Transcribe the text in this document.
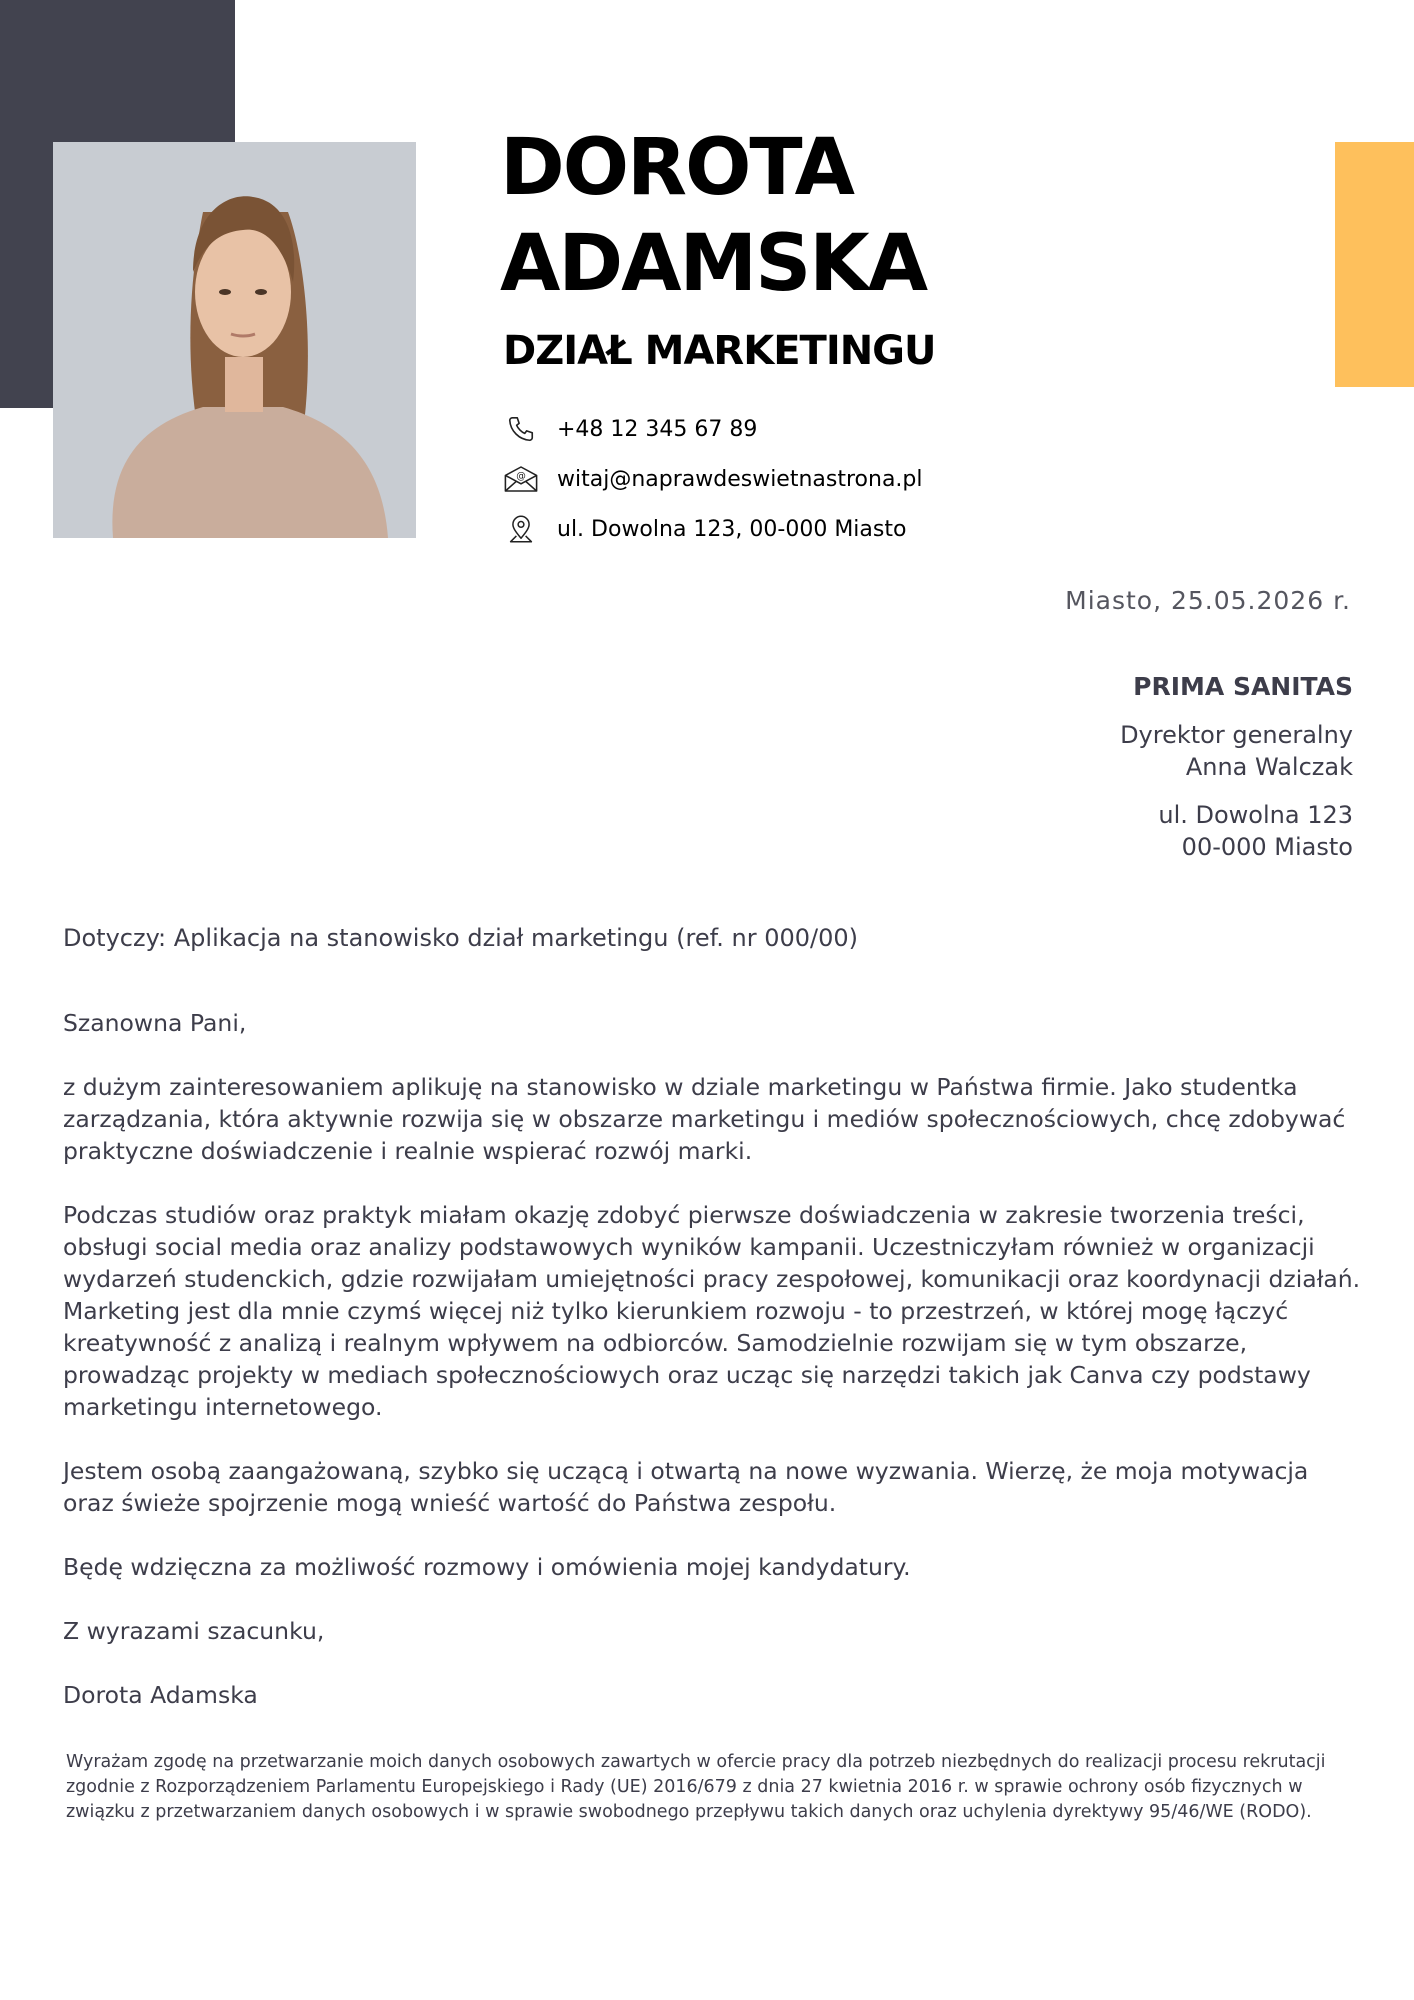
DOROTA
ADAMSKA
DZIAŁ MARKETINGU
+48 12 345 67 89
@ witaj@naprawdeswietnastrona.pl
ul. Dowolna 123, 00-000 Miasto
Miasto, 25.05.2026 r.
PRIMA SANITAS
Dyrektor generalny
Anna Walczak
ul. Dowolna 123
00-000 Miasto
Dotyczy: Aplikacja na stanowisko dział marketingu (ref. nr 000/00)

Szanowna Pani,

z dużym zainteresowaniem aplikuję na stanowisko w dziale marketingu w Państwa firmie. Jako studentka zarządzania, która aktywnie rozwija się w obszarze marketingu i mediów społecznościowych, chcę zdobywać praktyczne doświadczenie i realnie wspierać rozwój marki.

Podczas studiów oraz praktyk miałam okazję zdobyć pierwsze doświadczenia w zakresie tworzenia treści, obsługi social media oraz analizy podstawowych wyników kampanii. Uczestniczyłam również w organizacji wydarzeń studenckich, gdzie rozwijałam umiejętności pracy zespołowej, komunikacji oraz koordynacji działań. Marketing jest dla mnie czymś więcej niż tylko kierunkiem rozwoju - to przestrzeń, w której mogę łączyć kreatywność z analizą i realnym wpływem na odbiorców. Samodzielnie rozwijam się w tym obszarze, prowadząc projekty w mediach społecznościowych oraz ucząc się narzędzi takich jak Canva czy podstawy marketingu internetowego.

Jestem osobą zaangażowaną, szybko się uczącą i otwartą na nowe wyzwania. Wierzę, że moja motywacja oraz świeże spojrzenie mogą wnieść wartość do Państwa zespołu.

Będę wdzięczna za możliwość rozmowy i omówienia mojej kandydatury.

Z wyrazami szacunku,

Dorota Adamska

Wyrażam zgodę na przetwarzanie moich danych osobowych zawartych w ofercie pracy dla potrzeb niezbędnych do realizacji procesu rekrutacji zgodnie z Rozporządzeniem Parlamentu Europejskiego i Rady (UE) 2016/679 z dnia 27 kwietnia 2016 r. w sprawie ochrony osób fizycznych w związku z przetwarzaniem danych osobowych i w sprawie swobodnego przepływu takich danych oraz uchylenia dyrektywy 95/46/WE (RODO).
